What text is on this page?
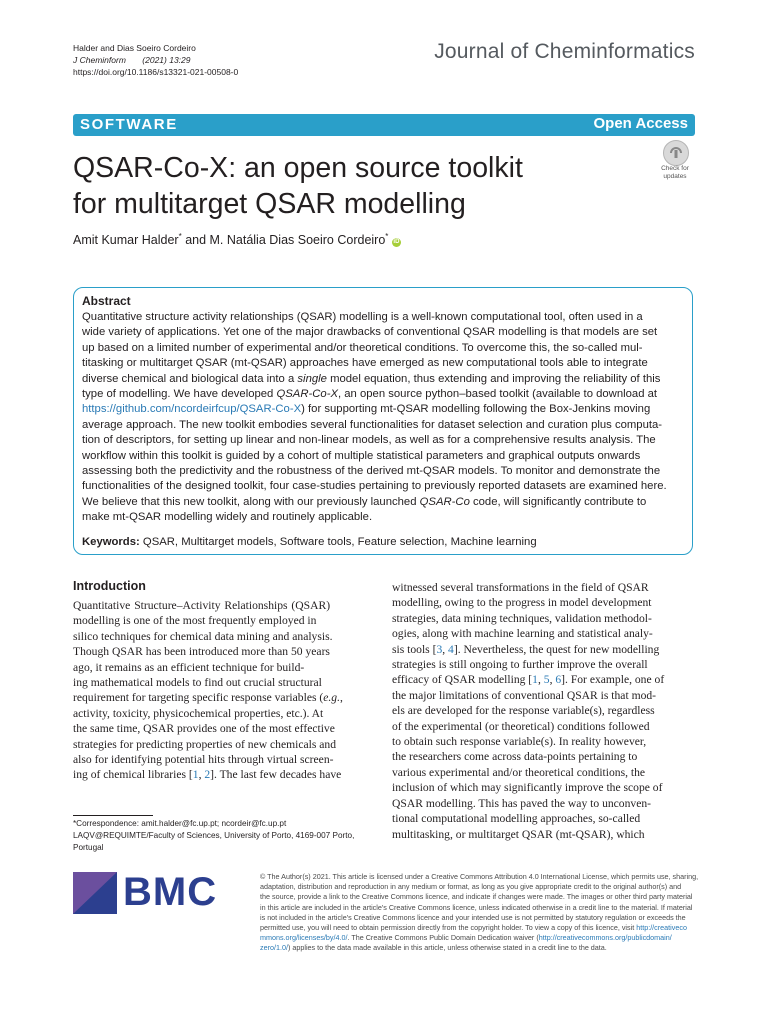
Halder and Dias Soeiro Cordeiro
J Cheminform (2021) 13:29
https://doi.org/10.1186/s13321-021-00508-0
Journal of Cheminformatics
SOFTWARE	Open Access
QSAR-Co-X: an open source toolkit
for multitarget QSAR modelling
Check for
updates
Amit Kumar Halder* and M. Natália Dias Soeiro Cordeiro* iD
Abstract
Quantitative structure activity relationships (QSAR) modelling is a well-known computational tool, often used in a
wide variety of applications. Yet one of the major drawbacks of conventional QSAR modelling is that models are set
up based on a limited number of experimental and/or theoretical conditions. To overcome this, the so-called mul-
titasking or multitarget QSAR (mt-QSAR) approaches have emerged as new computational tools able to integrate
diverse chemical and biological data into a single model equation, thus extending and improving the reliability of this
type of modelling. We have developed QSAR-Co-X, an open source python–based toolkit (available to download at
https://github.com/ncordeirfcup/QSAR-Co-X) for supporting mt-QSAR modelling following the Box-Jenkins moving
average approach. The new toolkit embodies several functionalities for dataset selection and curation plus computa-
tion of descriptors, for setting up linear and non-linear models, as well as for a comprehensive results analysis. The
workflow within this toolkit is guided by a cohort of multiple statistical parameters and graphical outputs onwards
assessing both the predictivity and the robustness of the derived mt-QSAR models. To monitor and demonstrate the
functionalities of the designed toolkit, four case-studies pertaining to previously reported datasets are examined here.
We believe that this new toolkit, along with our previously launched QSAR-Co code, will significantly contribute to
make mt-QSAR modelling widely and routinely applicable.
Keywords: QSAR, Multitarget models, Software tools, Feature selection, Machine learning
Introduction
Quantitative Structure–Activity Relationships (QSAR)
modelling is one of the most frequently employed in
silico techniques for chemical data mining and analysis.
Though QSAR has been introduced more than 50 years
ago, it remains as an efficient technique for build-
ing mathematical models to find out crucial structural
requirement for targeting specific response variables (e.g.,
activity, toxicity, physicochemical properties, etc.). At
the same time, QSAR provides one of the most effective
strategies for predicting properties of new chemicals and
also for identifying potential hits through virtual screen-
ing of chemical libraries [1, 2]. The last few decades have
witnessed several transformations in the field of QSAR
modelling, owing to the progress in model development
strategies, data mining techniques, validation methodol-
ogies, along with machine learning and statistical analy-
sis tools [3, 4]. Nevertheless, the quest for new modelling
strategies is still ongoing to further improve the overall
efficacy of QSAR modelling [1, 5, 6]. For example, one of
the major limitations of conventional QSAR is that mod-
els are developed for the response variable(s), regardless
of the experimental (or theoretical) conditions followed
to obtain such response variable(s). In reality however,
the researchers come across data-points pertaining to
various experimental and/or theoretical conditions, the
inclusion of which may significantly improve the scope of
QSAR modelling. This has paved the way to unconven-
tional computational modelling approaches, so-called
multitasking, or multitarget QSAR (mt-QSAR), which
*Correspondence: amit.halder@fc.up.pt; ncordeir@fc.up.pt
LAQV@REQUIMTE/Faculty of Sciences, University of Porto, 4169-007 Porto,
Portugal
BMC	© The Author(s) 2021. This article is licensed under a Creative Commons Attribution 4.0 International License, which permits use, sharing,
adaptation, distribution and reproduction in any medium or format, as long as you give appropriate credit to the original author(s) and
the source, provide a link to the Creative Commons licence, and indicate if changes were made. The images or other third party material
in this article are included in the article's Creative Commons licence, unless indicated otherwise in a credit line to the material. If material
is not included in the article's Creative Commons licence and your intended use is not permitted by statutory regulation or exceeds the
permitted use, you will need to obtain permission directly from the copyright holder. To view a copy of this licence, visit http://creativeco
mmons.org/licenses/by/4.0/. The Creative Commons Public Domain Dedication waiver (http://creativecommons.org/publicdomain/
zero/1.0/) applies to the data made available in this article, unless otherwise stated in a credit line to the data.
